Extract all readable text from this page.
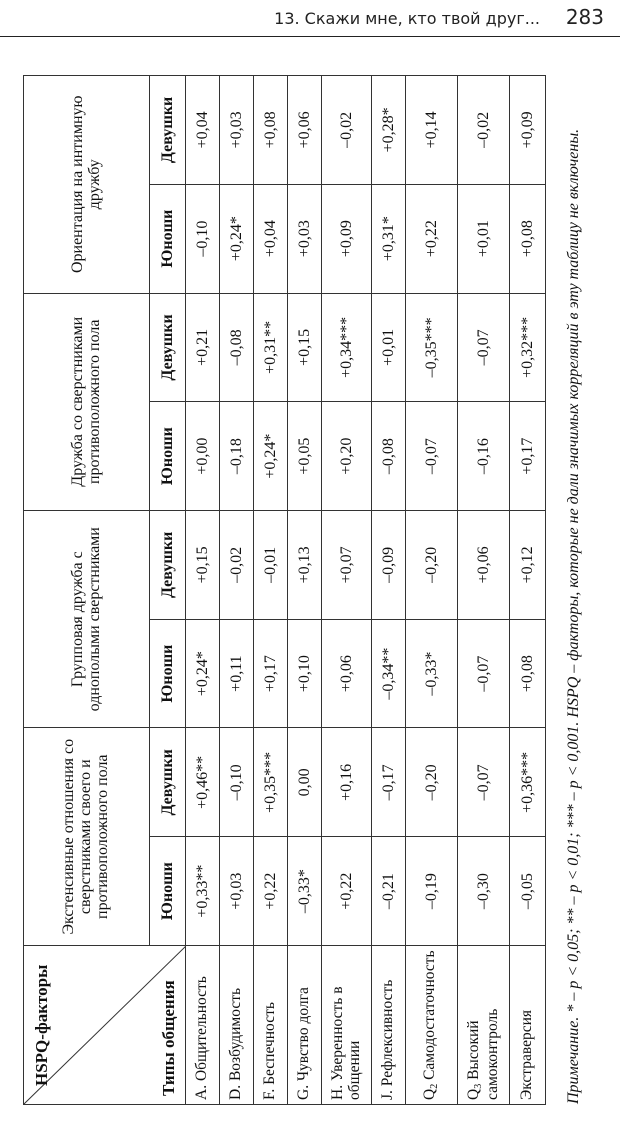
13. Скажи мне, кто твой друг... 283
HSPQ-факторы Типы общения	Экстенсивные отношения со сверстниками своего и противоположного пола		Групповая дружба с однополыми сверстниками		Дружба со сверстниками противоположного пола		Ориентация на интимную дружбу	
	Юноши	Девушки	Юноши	Девушки	Юноши	Девушки	Юноши	Девушки
А. Общительность	+0,33**	+0,46**	+0,24*	+0,15	+0,00	+0,21	–0,10	+0,04
D. Возбудимость	+0,03	–0,10	+0,11	–0,02	–0,18	–0,08	+0,24*	+0,03
F. Беспечность	+0,22	+0,35***	+0,17	–0,01	+0,24*	+0,31**	+0,04	+0,08
G. Чувство долга	–0,33*	0,00	+0,10	+0,13	+0,05	+0,15	+0,03	+0,06
H. Уверенность в общении	+0,22	+0,16	+0,06	+0,07	+0,20	+0,34***	+0,09	–0,02
J. Рефлексивность	–0,21	–0,17	–0,34**	–0,09	–0,08	+0,01	+0,31*	+0,28*
$Q_2$ Самодостаточность	–0,19	–0,20	–0,33*	–0,20	–0,07	–0,35***	+0,22	+0,14
$Q_3$ Высокий самоконтроль	–0,30	–0,07	–0,07	+0,06	–0,16	–0,07	+0,01	–0,02
Экстраверсия	–0,05	+0,36***	+0,08	+0,12	+0,17	+0,32***	+0,08	+0,09 Примечание. * – p < 0,05; ** – p < 0,01; *** – p < 0,001. HSPQ – факторы, которые не дали значимых корреляций в эту таблицу не включены.
